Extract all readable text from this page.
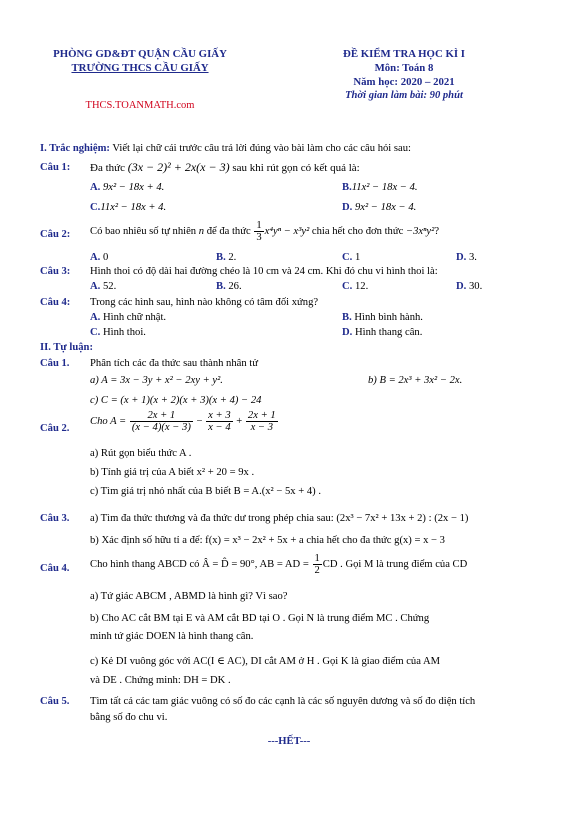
PHÒNG GD&ĐT QUẬN CẦU GIẤY
TRƯỜNG THCS CẦU GIẤY
THCS.TOANMATH.com
ĐỀ KIỂM TRA HỌC KÌ I
Môn: Toán 8
Năm học: 2020 – 2021
Thời gian làm bài: 90 phút
I. Trắc nghiệm: Viết lại chữ cái trước câu trả lời đúng vào bài làm cho các câu hỏi sau:
Câu 1: Đa thức (3x − 2)² + 2x(x − 3) sau khi rút gọn có kết quả là:
A. 9x² − 18x + 4.	B.11x² − 18x − 4.
C.11x² − 18x + 4.	D. 9x² − 18x − 4.
Câu 2: Có bao nhiêu số tự nhiên n để đa thức $\frac{1}{3} x^4y^n - x^3y^2$ chia hết cho đơn thức −3xⁿy²?
A. 0	B. 2.	C. 1	D. 3.
Câu 3: Hình thoi có độ dài hai đường chéo là 10 cm và 24 cm. Khi đó chu vi hình thoi là:
A. 52.	B. 26.	C. 12.	D. 30.
Câu 4: Trong các hình sau, hình nào không có tâm đối xứng?
A. Hình chữ nhật.	B. Hình bình hành.
C. Hình thoi.	D. Hình thang cân.
II. Tự luận:
Câu 1. Phân tích các đa thức sau thành nhân tử
a) A = 3x − 3y + x² − 2xy + y².	b) B = 2x³ + 3x² − 2x.
c) C = (x + 1)(x + 2)(x + 3)(x + 4) − 24
Câu 2.
Cho $A = \frac{2x + 1}{(x - 4)(x - 3)} - \frac{x + 3}{x - 4} + \frac{2x + 1}{x - 3}$
a) Rút gọn biểu thức A .
b) Tính giá trị của A biết x² + 20 = 9x .
c) Tìm giá trị nhỏ nhất của B biết B = A.(x² − 5x + 4) .
Câu 3. a) Tìm đa thức thương và đa thức dư trong phép chia sau: (2x³ − 7x² + 13x + 2) : (2x − 1)
b) Xác định số hữu tỉ a để: f(x) = x³ − 2x² + 5x + a chia hết cho đa thức g(x) = x − 3
Câu 4. Cho hình thang ABCD có Â = D̂ = 90°, AB = AD = $\frac{1}{2}$ CD . Gọi M là trung điểm của CD
a) Tứ giác ABCM , ABMD là hình gì? Vì sao?
b) Cho AC cắt BM tại E và AM cắt BD tại O . Gọi N là trung điểm MC . Chứng
minh tứ giác DOEN là hình thang cân.
c) Kẻ DI vuông góc với AC(I ∈ AC), DI cắt AM ở H . Gọi K là giao điểm của AM
và DE . Chứng minh: DH = DK .
Câu 5. Tìm tất cả các tam giác vuông có số đo các cạnh là các số nguyên dương và số đo diện tích
bằng số đo chu vi.
---HẾT---
